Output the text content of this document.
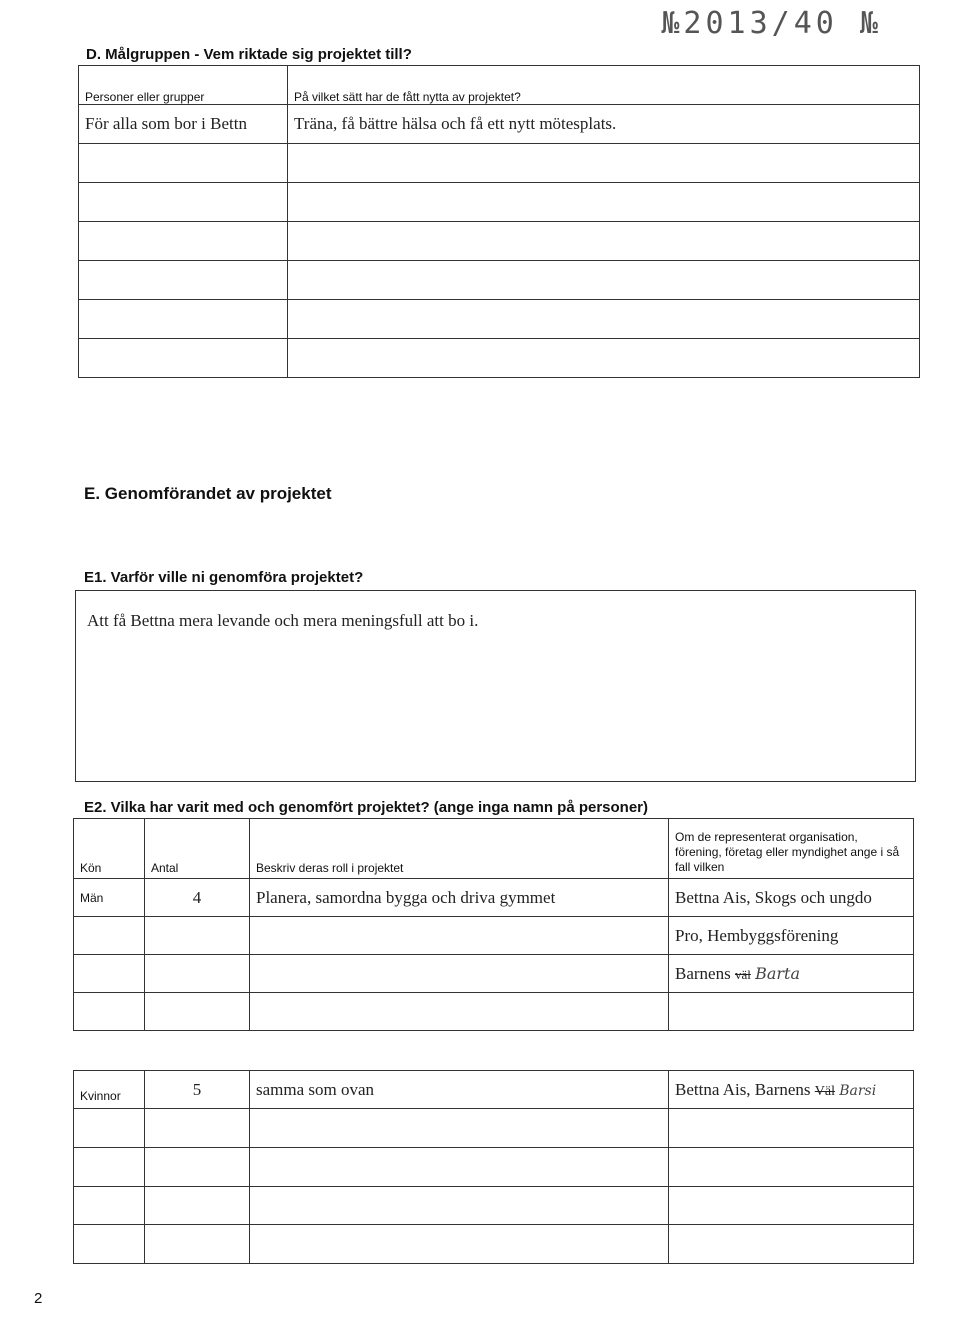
№2013/40 №
D. Målgruppen - Vem riktade sig projektet till?
Personer eller grupper	På vilket sätt har de fått nytta av projektet?
För alla som bor i Bettn	Träna, få bättre hälsa och få ett nytt mötesplats.

E. Genomförandet av projektet
E1. Varför ville ni genomföra projektet?
Att få Bettna mera levande och mera meningsfull att bo i.
E2. Vilka har varit med och genomfört projektet? (ange inga namn på personer)
Kön	Antal	Beskriv deras roll i projektet	Om de representerat organisation, förening, företag eller myndighet ange i så fall vilken
Män	4	Planera, samordna bygga och driva gymmet	Bettna Ais, Skogs och ungdo
			Pro, Hembyggsförening
			Barnens väl Barta

Kvinnor	5	samma som ovan	Bettna Ais, Barnens Väl Barsi

2
